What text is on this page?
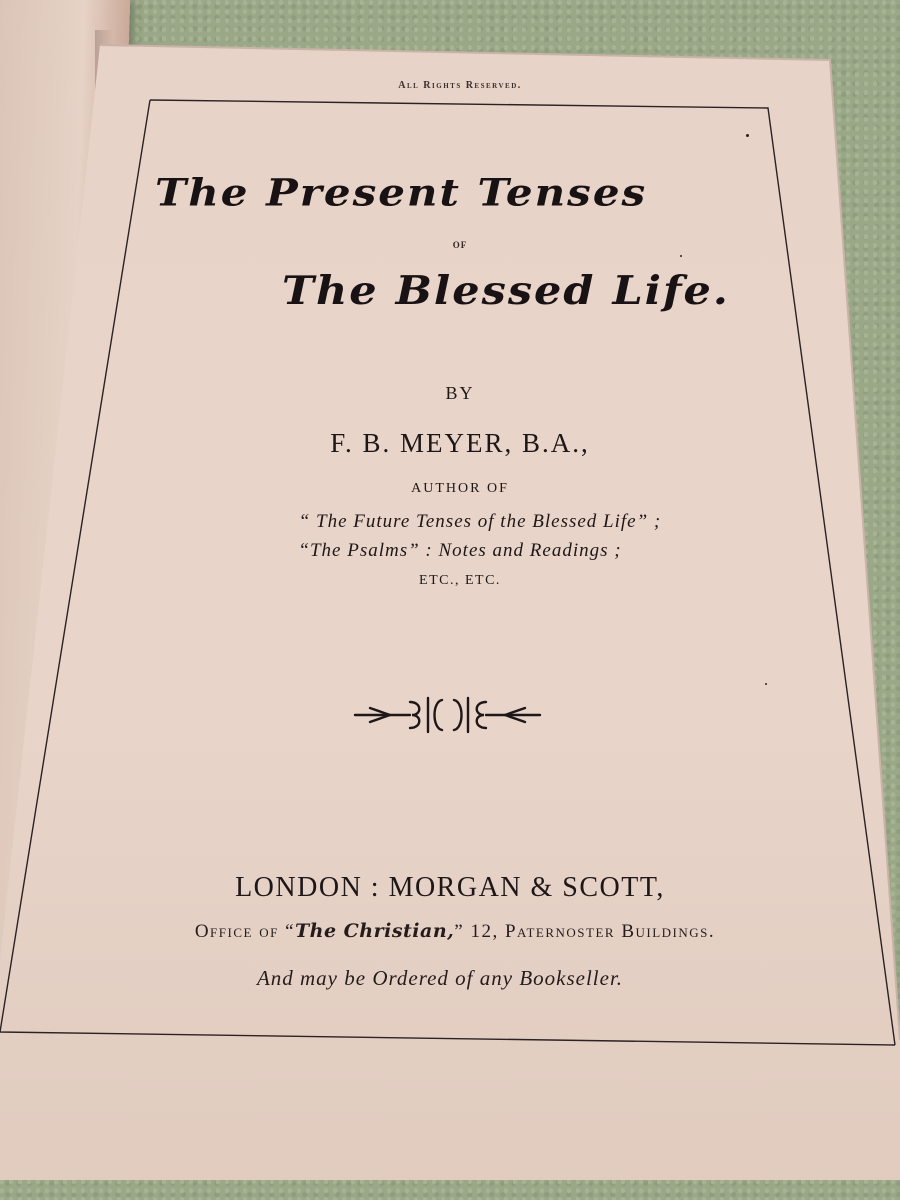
All Rights Reserved.
The Present Tenses
OF
The Blessed Life.
BY
F. B. MEYER, B.A.,
AUTHOR OF
“ The Future Tenses of the Blessed Life” ;
“The Psalms” : Notes and Readings ;
ETC., ETC.
LONDON : MORGAN & SCOTT,
Office of “The Christian,” 12, Paternoster Buildings.
And may be Ordered of any Bookseller.
